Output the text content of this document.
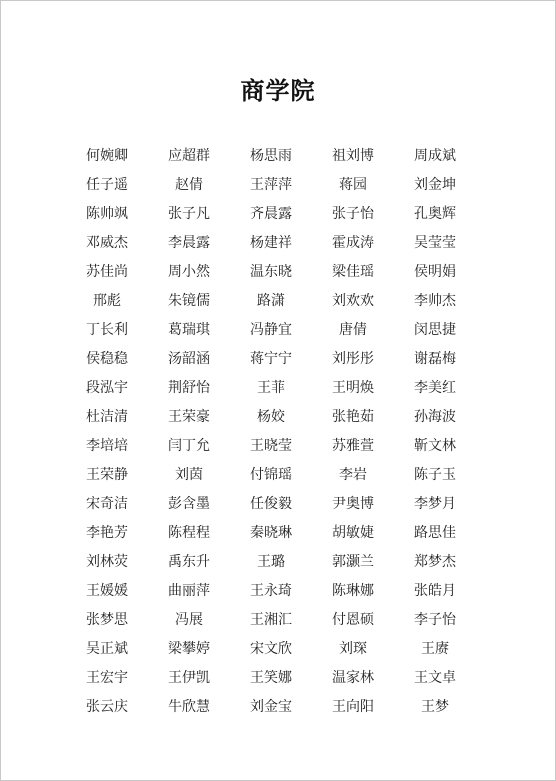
商学院
何婉卿	应超群	杨思雨	祖刘博	周成斌
任子遥	赵倩	王萍萍	蒋园	刘金坤
陈帅飒	张子凡	齐晨露	张子怡	孔奥辉
邓威杰	李晨露	杨建祥	霍成涛	吴莹莹
苏佳尚	周小然	温东晓	梁佳瑶	侯明娟
邢彪	朱镜儒	路潇	刘欢欢	李帅杰
丁长利	葛瑞琪	冯静宜	唐倩	闵思捷
侯稳稳	汤韶涵	蒋宁宁	刘彤彤	谢磊梅
段泓宇	荆舒怡	王菲	王明焕	李美红
杜洁清	王荣豪	杨姣	张艳茹	孙海波
李培培	闫丁允	王晓莹	苏雅萱	靳文林
王荣静	刘茵	付锦瑶	李岩	陈子玉
宋奇洁	彭含墨	任俊毅	尹奥博	李梦月
李艳芳	陈程程	秦晓琳	胡敏婕	路思佳
刘林荧	禹东升	王璐	郭灏兰	郑梦杰
王媛媛	曲丽萍	王永琦	陈琳娜	张皓月
张梦思	冯展	王湘汇	付恩硕	李子怡
吴正斌	梁攀婷	宋文欣	刘琛	王赓
王宏宇	王伊凯	王笑娜	温家林	王文卓
张云庆	牛欣慧	刘金宝	王向阳	王梦
